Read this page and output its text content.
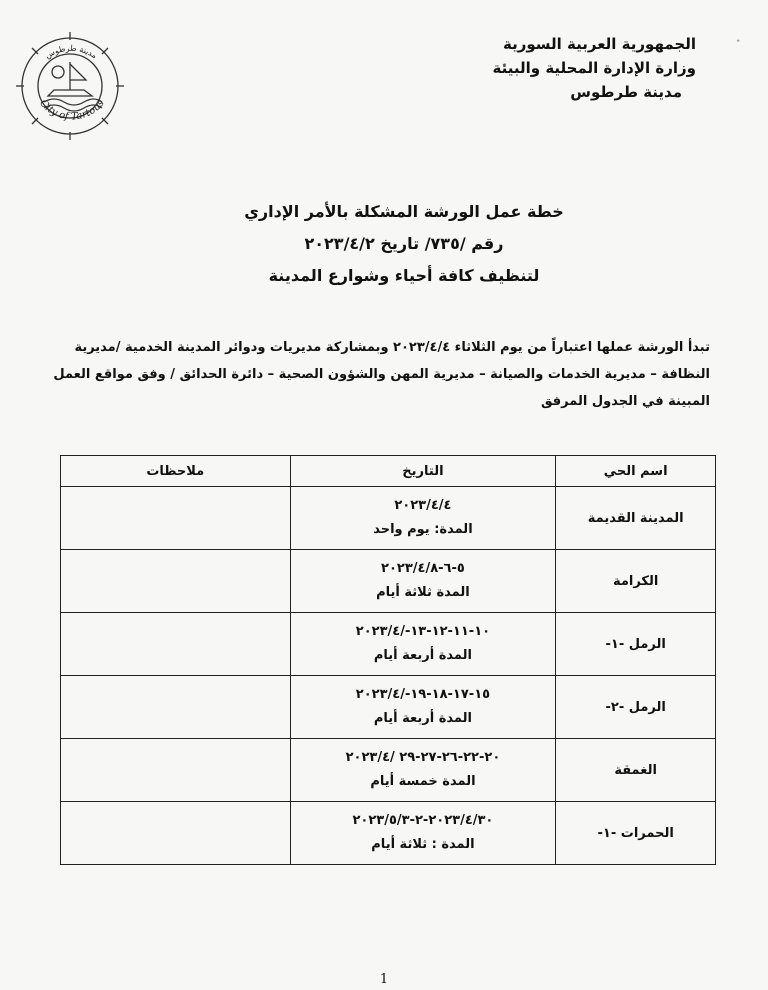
مدينة طرطوس
City of Tartous
ᐩ
الجمهورية العربية السورية
وزارة الإدارة المحلية والبيئة
مدينة طرطوس
خطة عمل الورشة المشكلة بالأمر الإداري
رقم /٧٣٥/ تاريخ ٢٠٢٣/٤/٢
لتنظيف كافة أحياء وشوارع المدينة
تبدأ الورشة عملها اعتباراً من يوم الثلاثاء ٢٠٢٣/٤/٤ وبمشاركة مديريات ودوائر المدينة الخدمية /مديرية
النظافة – مديرية الخدمات والصيانة – مديرية المهن والشؤون الصحية – دائرة الحدائق / وفق مواقع العمل
المبينة في الجدول المرفق
اسم الحي	التاريخ	ملاحظات
المدينة القديمة	٢٠٢٣/٤/٤
المدة: يوم واحد	

الكرامة	٥-٦-٢٠٢٣/٤/٨
المدة ثلاثة أيام	

الرمل -١-	١٠-١١-١٢-١٣-/٢٠٢٣/٤
المدة أربعة أيام	

الرمل -٢-	١٥-١٧-١٨-١٩-/٢٠٢٣/٤
المدة أربعة أيام	

الغمقة	٢٠-٢٢-٢٦-٢٧-٢٩ /٢٠٢٣/٤
المدة خمسة أيام	

الحمرات -١-	٢٠٢٣/٤/٣٠-٢-٢٠٢٣/٥/٣
المدة : ثلاثة أيام	

1
